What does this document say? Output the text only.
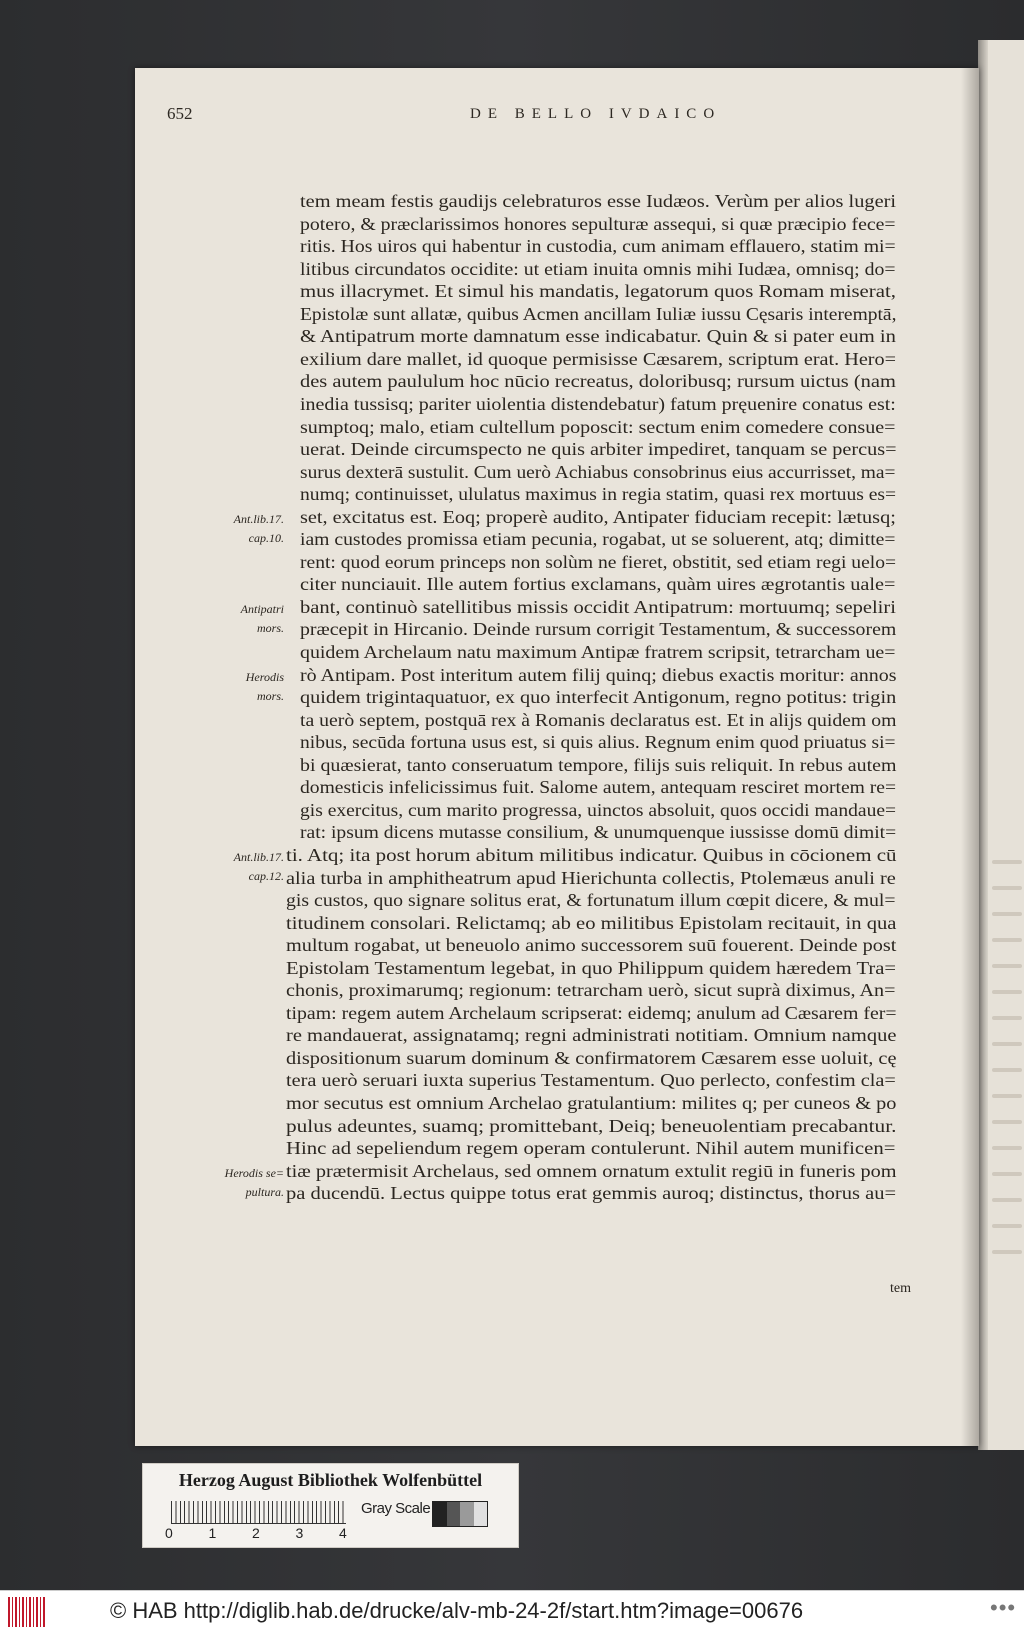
652	DE BELLO IVDAICO
tem meam festis gaudijs celebraturos esse Iudæos. Verùm per alios lugeri
potero, & præclarissimos honores sepulturæ assequi, si quæ præcipio fece=
ritis. Hos uiros qui habentur in custodia, cum animam efflauero, statim mi=
litibus circundatos occidite: ut etiam inuita omnis mihi Iudæa, omnisq; do=
mus illacrymet. Et simul his mandatis, legatorum quos Romam miserat,
Epistolæ sunt allatæ, quibus Acmen ancillam Iuliæ iussu Cęsaris interemptā,
& Antipatrum morte damnatum esse indicabatur. Quin & si pater eum in
exilium dare mallet, id quoque permisisse Cæsarem, scriptum erat. Hero=
des autem paululum hoc nūcio recreatus, doloribusq; rursum uictus (nam
inedia tussisq; pariter uiolentia distendebatur) fatum pręuenire conatus est:
sumptoq; malo, etiam cultellum poposcit: sectum enim comedere consue=
uerat. Deinde circumspecto ne quis arbiter impediret, tanquam se percus=
surus dexterā sustulit. Cum uerò Achiabus consobrinus eius accurrisset, ma=
numq; continuisset, ululatus maximus in regia statim, quasi rex mortuus es=
set, excitatus est. Eoq; properè audito, Antipater fiduciam recepit: lætusq;
iam custodes promissa etiam pecunia, rogabat, ut se soluerent, atq; dimitte=
rent: quod eorum princeps non solùm ne fieret, obstitit, sed etiam regi uelo=
citer nunciauit. Ille autem fortius exclamans, quàm uires ægrotantis uale=
bant, continuò satellitibus missis occidit Antipatrum: mortuumq; sepeliri
præcepit in Hircanio. Deinde rursum corrigit Testamentum, & successorem
quidem Archelaum natu maximum Antipæ fratrem scripsit, tetrarcham ue=
rò Antipam. Post interitum autem filij quinq; diebus exactis moritur: annos
quidem trigintaquatuor, ex quo interfecit Antigonum, regno potitus: trigin
ta uerò septem, postquā rex à Romanis declaratus est. Et in alijs quidem om
nibus, secūda fortuna usus est, si quis alius. Regnum enim quod priuatus si=
bi quæsierat, tanto conseruatum tempore, filijs suis reliquit. In rebus autem
domesticis infelicissimus fuit. Salome autem, antequam resciret mortem re=
gis exercitus, cum marito progressa, uinctos absoluit, quos occidi mandaue=
rat: ipsum dicens mutasse consilium, & unumquenque iussisse domū dimit=
ti. Atq; ita post horum abitum militibus indicatur. Quibus in cōcionem cū
alia turba in amphitheatrum apud Hierichunta collectis, Ptolemæus anuli re
gis custos, quo signare solitus erat, & fortunatum illum cœpit dicere, & mul=
titudinem consolari. Relictamq; ab eo militibus Epistolam recitauit, in qua
multum rogabat, ut beneuolo animo successorem suū fouerent. Deinde post
Epistolam Testamentum legebat, in quo Philippum quidem hæredem Tra=
chonis, proximarumq; regionum: tetrarcham uerò, sicut suprà diximus, An=
tipam: regem autem Archelaum scripserat: eidemq; anulum ad Cæsarem fer=
re mandauerat, assignatamq; regni administrati notitiam. Omnium namque
dispositionum suarum dominum & confirmatorem Cæsarem esse uoluit, cę
tera uerò seruari iuxta superius Testamentum. Quo perlecto, confestim cla=
mor secutus est omnium Archelao gratulantium: milites q; per cuneos & po
pulus adeuntes, suamq; promittebant, Deiq; beneuolentiam precabantur.
Hinc ad sepeliendum regem operam contulerunt. Nihil autem munificen=
tiæ prætermisit Archelaus, sed omnem ornatum extulit regiū in funeris pom
pa ducendū. Lectus quippe totus erat gemmis auroq; distinctus, thorus au=
tem
Ant.lib.17.
cap.10.
Antipatri
mors.
Herodis
mors.
Ant.lib.17.
cap.12.
Herodis se=
pultura.
Herzog August Bibliothek Wolfenbüttel
0	1	2	3	4
Gray Scale
© HAB http://diglib.hab.de/drucke/alv-mb-24-2f/start.htm?image=00676	•••
